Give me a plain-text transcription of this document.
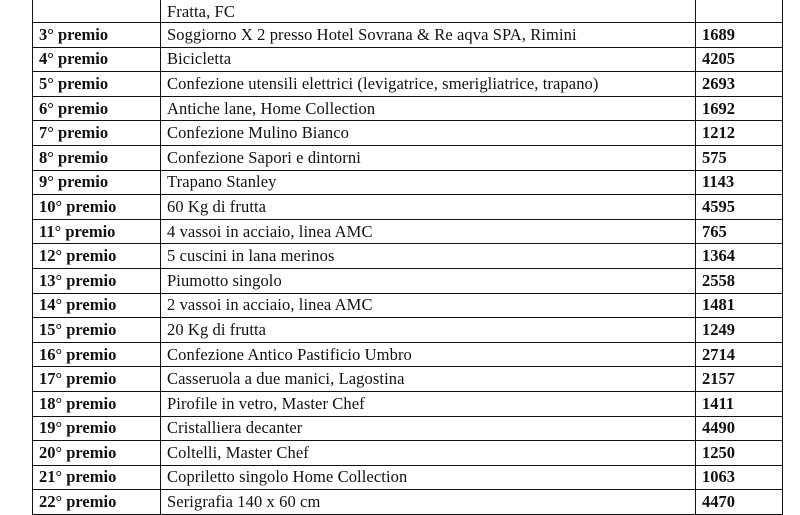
	Fratta, FC	
3° premio	Soggiorno X 2 presso Hotel Sovrana & Re aqva SPA, Rimini	1689
4° premio	Bicicletta	4205
5° premio	Confezione utensili elettrici (levigatrice, smerigliatrice, trapano)	2693
6° premio	Antiche lane, Home Collection	1692
7° premio	Confezione Mulino Bianco	1212
8° premio	Confezione Sapori e dintorni	575
9° premio	Trapano Stanley	1143
10° premio	60 Kg di frutta	4595
11° premio	4 vassoi in acciaio, linea AMC	765
12° premio	5 cuscini in lana merinos	1364
13° premio	Piumotto singolo	2558
14° premio	2 vassoi in acciaio, linea AMC	1481
15° premio	20 Kg di frutta	1249
16° premio	Confezione Antico Pastificio Umbro	2714
17° premio	Casseruola a due manici, Lagostina	2157
18° premio	Pirofile in vetro, Master Chef	1411
19° premio	Cristalliera decanter	4490
20° premio	Coltelli, Master Chef	1250
21° premio	Copriletto singolo Home Collection	1063
22° premio	Serigrafia 140 x 60 cm	4470
